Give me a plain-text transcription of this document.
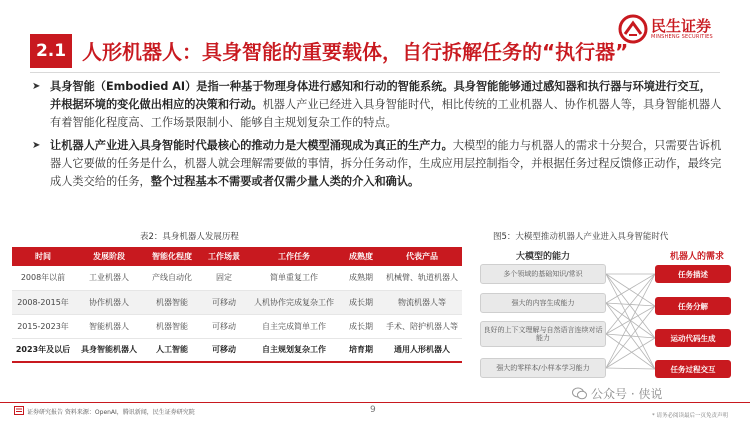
2.1 人形机器人：具身智能的重要载体，自行拆解任务的“执行器”
民生证券
MINSHENG SECURITIES
➤ 具身智能（Embodied AI）是指一种基于物理身体进行感知和行动的智能系统。具身智能能够通过感知器和执行器与环境进行交互，并根据环境的变化做出相应的决策和行动。机器人产业已经进入具身智能时代，相比传统的工业机器人、协作机器人等，具身智能机器人有着智能化程度高、工作场景限制小、能够自主规划复杂工作的特点。
➤ 让机器人产业进入具身智能时代最核心的推动力是大模型涌现成为真正的生产力。大模型的能力与机器人的需求十分契合，只需要告诉机器人它要做的任务是什么，机器人就会理解需要做的事情，拆分任务动作，生成应用层控制指令，并根据任务过程反馈修正动作，最终完成人类交给的任务，整个过程基本不需要或者仅需少量人类的介入和确认。
表2：具身机器人发展历程
时间	发展阶段	智能化程度	工作场景	工作任务	成熟度	代表产品
2008年以前	工业机器人	产线自动化	固定	简单重复工作	成熟期	机械臂、轨道机器人
2008-2015年	协作机器人	机器智能	可移动	人机协作完成复杂工作	成长期	物流机器人等
2015-2023年	智能机器人	机器智能	可移动	自主完成简单工作	成长期	手术、陪护机器人等
2023年及以后	具身智能机器人	人工智能	可移动	自主规划复杂工作	培育期	通用人形机器人
图5：大模型推动机器人产业进入具身智能时代
大模型的能力	机器人的需求
多个领域的基础知识/常识
强大的内容生成能力
良好的上下文理解与自然语言连续对话能力
强大的零样本/小样本学习能力
任务描述
任务分解
运动代码生成
任务过程交互
公众号 · 侠说
证券研究报告 资料来源：OpenAI，腾讯新闻，民生证券研究院	9
* 请务必阅读最后一页免责声明
